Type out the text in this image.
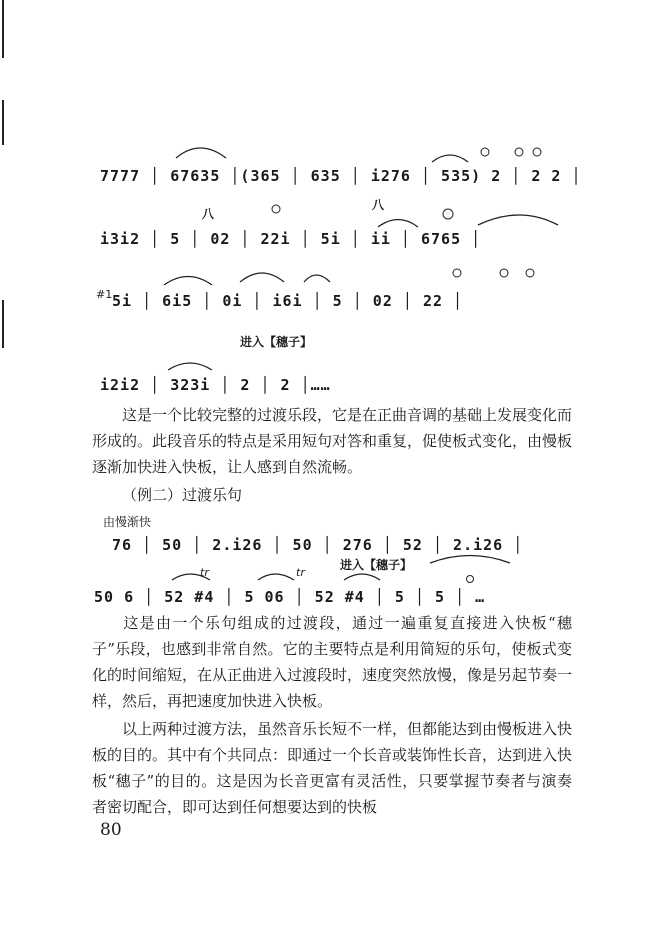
7777 │ 67635 │(365 │ 635 │ i276 │ 535) 2 │ 2 2 │
八
八
i3i2 │ 5 │ 02 │ 22i │ 5i │ ii │ 6765 │
#1 5i │ 6i5 │ 0i │ i6i │ 5 │ 02 │ 22 │
进入【穗子】
i2i2 │ 323i │ 2 │ 2 │……
这是一个比较完整的过渡乐段，它是在正曲音调的基础上发展变化而形成的。此段音乐的特点是采用短句对答和重复，促使板式变化，由慢板逐渐加快进入快板，让人感到自然流畅。
（例二）过渡乐句
由慢渐快
76 │ 50 │ 2.i26 │ 50 │ 276 │ 52 │ 2.i26 │
进入【穗子】
tr	tr
50 6 │ 52 #4 │ 5 06 │ 52 #4 │ 5 │ 5 │ …
这是由一个乐句组成的过渡段，通过一遍重复直接进入快板“穗子”乐段，也感到非常自然。它的主要特点是利用简短的乐句，使板式变化的时间缩短，在从正曲进入过渡段时，速度突然放慢，像是另起节奏一样，然后，再把速度加快进入快板。
以上两种过渡方法，虽然音乐长短不一样，但都能达到由慢板进入快板的目的。其中有个共同点：即通过一个长音或装饰性长音，达到进入快板“穗子”的目的。这是因为长音更富有灵活性，只要掌握节奏者与演奏者密切配合，即可达到任何想要达到的快板
80
